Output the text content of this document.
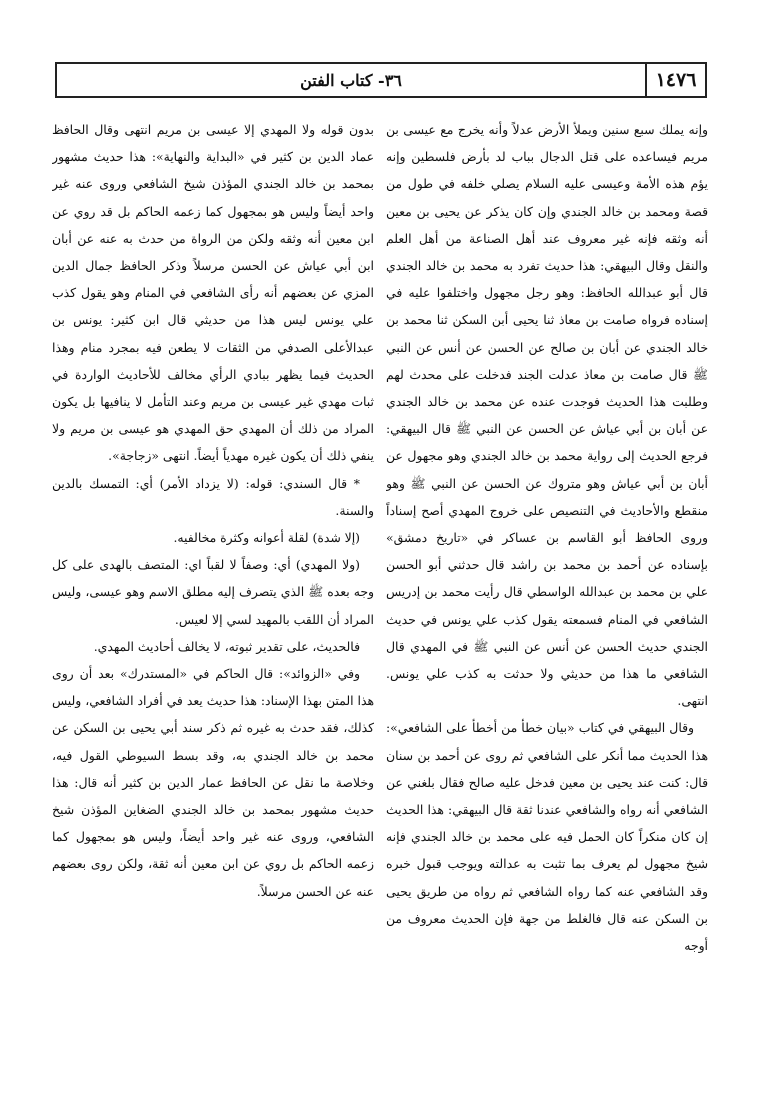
١٤٧٦
٣٦- كتاب الفتن

وإنه يملك سبع سنين ويملأ الأرض عدلاً وأنه يخرج مع عيسى بن مريم فيساعده على قتل الدجال بباب لد بأرض فلسطين وإنه يؤم هذه الأمة وعيسى عليه السلام يصلي خلفه في طول من قصة ومحمد بن خالد الجندي وإن كان يذكر عن يحيى بن معين أنه وثقه فإنه غير معروف عند أهل الصناعة من أهل العلم والنقل وقال البيهقي: هذا حديث تفرد به محمد بن خالد الجندي قال أبو عبدالله الحافظ: وهو رجل مجهول واختلفوا عليه في إسناده فرواه صامت بن معاذ ثنا يحيى أبن السكن ثنا محمد بن خالد الجندي عن أبان بن صالح عن الحسن عن أنس عن النبي ﷺ قال صامت بن معاذ عدلت الجند فدخلت على محدث لهم وطلبت هذا الحديث فوجدت عنده عن محمد بن خالد الجندي عن أبان بن أبي عياش عن الحسن عن النبي ﷺ قال البيهقي: فرجع الحديث إلى رواية محمد بن خالد الجندي وهو مجهول عن أبان بن أبي عياش وهو متروك عن الحسن عن النبي ﷺ وهو منقطع والأحاديث في التنصيص على خروج المهدي أصح إسناداً وروى الحافظ أبو القاسم بن عساكر في «تاريخ دمشق» بإسناده عن أحمد بن محمد بن راشد قال حدثني أبو الحسن علي بن محمد بن عبدالله الواسطي قال رأيت محمد بن إدريس الشافعي في المنام فسمعته يقول كذب علي يونس في حديث الجندي حديث الحسن عن أنس عن النبي ﷺ في المهدي قال الشافعي ما هذا من حديثي ولا حدثت به كذب علي يونس. انتهى.

وقال البيهقي في كتاب «بيان خطأ من أخطأ على الشافعي»: هذا الحديث مما أنكر على الشافعي ثم روى عن أحمد بن سنان قال: كنت عند يحيى بن معين فدخل عليه صالح فقال بلغني عن الشافعي أنه رواه والشافعي عندنا ثقة قال البيهقي: هذا الحديث إن كان منكراً كان الحمل فيه على محمد بن خالد الجندي فإنه شيخ مجهول لم يعرف بما تثبت به عدالته ويوجب قبول خبره وقد الشافعي عنه كما رواه الشافعي ثم رواه من طريق يحيى بن السكن عنه قال فالغلط من جهة فإن الحديث معروف من أوجه

بدون قوله ولا المهدي إلا عيسى بن مريم انتهى وقال الحافظ عماد الدين بن كثير في «البداية والنهاية»: هذا حديث مشهور بمحمد بن خالد الجندي المؤذن شيخ الشافعي وروى عنه غير واحد أيضاً وليس هو بمجهول كما زعمه الحاكم بل قد روي عن ابن معين أنه وثقه ولكن من الرواة من حدث به عنه عن أبان ابن أبي عياش عن الحسن مرسلاً وذكر الحافظ جمال الدين المزي عن بعضهم أنه رأى الشافعي في المنام وهو يقول كذب علي يونس ليس هذا من حديثي قال ابن كثير: يونس بن عبدالأعلى الصدفي من الثقات لا يطعن فيه بمجرد منام وهذا الحديث فيما يظهر ببادي الرأي مخالف للأحاديث الواردة في ثبات مهدي غير عيسى بن مريم وعند التأمل لا ينافيها بل يكون المراد من ذلك أن المهدي حق المهدي هو عيسى بن مريم ولا ينفي ذلك أن يكون غيره مهدياً أيضاً. انتهى «زجاجة».

* قال السندي: قوله: (لا يزداد الأمر) أي: التمسك بالدين والسنة.

(إلا شدة) لقلة أعوانه وكثرة مخالفيه.

(ولا المهدي) أي: وصفاً لا لقباً اي: المتصف بالهدى على كل وجه بعده ﷺ الذي يتصرف إليه مطلق الاسم وهو عيسى، وليس المراد أن اللقب بالمهيد لسي إلا لعيس.

فالحديث، على تقدير ثبوته، لا يخالف أحاديث المهدي.

وفي «الزوائد»: قال الحاكم في «المستدرك» بعد أن روى هذا المتن بهذا الإسناد: هذا حديث يعد في أفراد الشافعي، وليس كذلك، فقد حدث به غيره ثم ذكر سند أبي يحيى بن السكن عن محمد بن خالد الجندي به، وقد بسط السيوطي القول فيه، وخلاصة ما نقل عن الحافظ عمار الدين بن كثير أنه قال: هذا حديث مشهور بمحمد بن خالد الجندي الضغاين المؤذن شيخ الشافعي، وروى عنه غير واحد أيضاً، وليس هو بمجهول كما زعمه الحاكم بل روي عن ابن معين أنه ثقة، ولكن روى بعضهم عنه عن الحسن مرسلاً.
